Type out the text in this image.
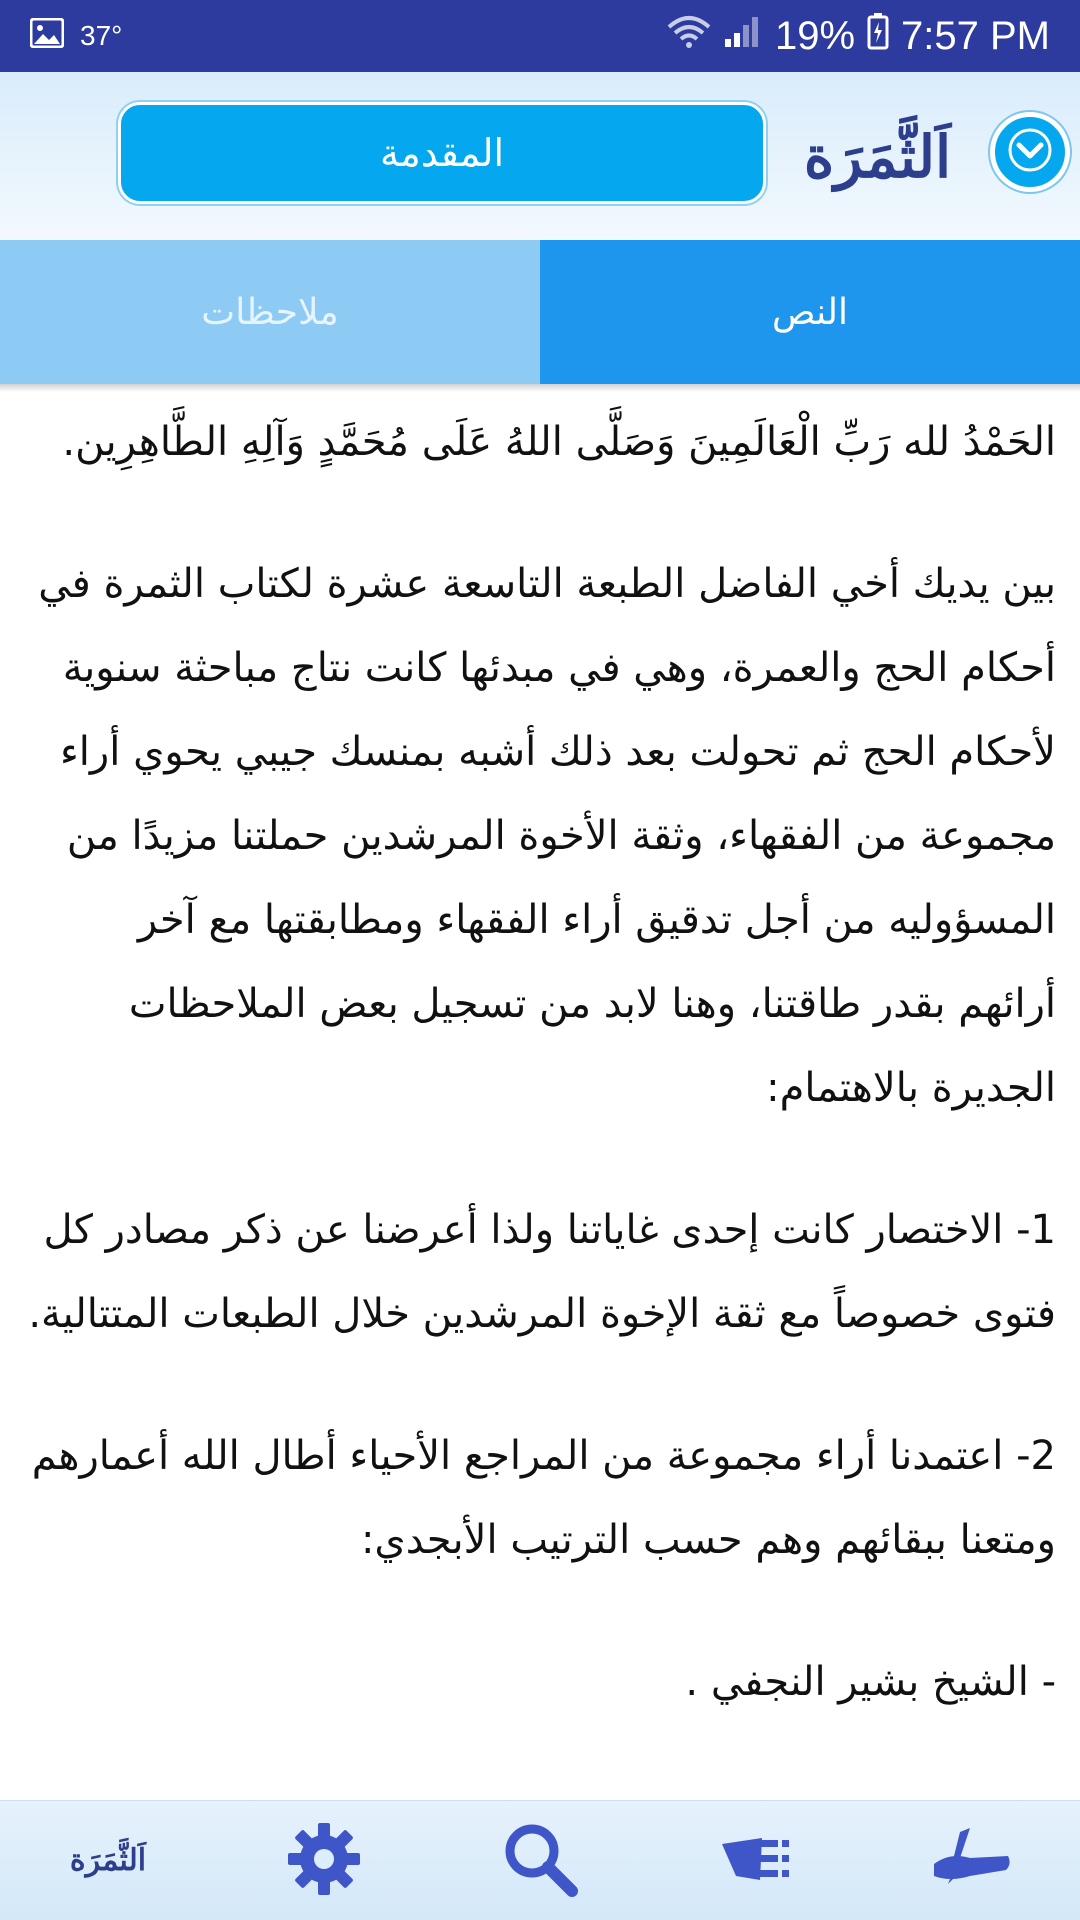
37°	19% 7:57 PM
المقدمة	اَلثَّمَرَة
ملاحظات	النص

الحَمْدُ لله رَبِّ الْعَالَمِينَ وَصَلَّى اللهُ عَلَى مُحَمَّدٍ وَآلِهِ الطَّاهِرِين.

بين يديك أخي الفاضل الطبعة التاسعة عشرة لكتاب الثمرة في أحكام الحج والعمرة، وهي في مبدئها كانت نتاج مباحثة سنوية لأحكام الحج ثم تحولت بعد ذلك أشبه بمنسك جيبي يحوي أراء مجموعة من الفقهاء، وثقة الأخوة المرشدين حملتنا مزيدًا من المسؤوليه من أجل تدقيق أراء الفقهاء ومطابقتها مع آخر أرائهم بقدر طاقتنا، وهنا لابد من تسجيل بعض الملاحظات الجديرة بالاهتمام:

1- الاختصار كانت إحدى غاياتنا ولذا أعرضنا عن ذكر مصادر كل فتوى خصوصاً مع ثقة الإخوة المرشدين خلال الطبعات المتتالية.

2- اعتمدنا أراء مجموعة من المراجع الأحياء أطال الله أعمارهم ومتعنا ببقائهم وهم حسب الترتيب الأبجدي:

- الشيخ بشير النجفي .

اَلثَّمَرَة
